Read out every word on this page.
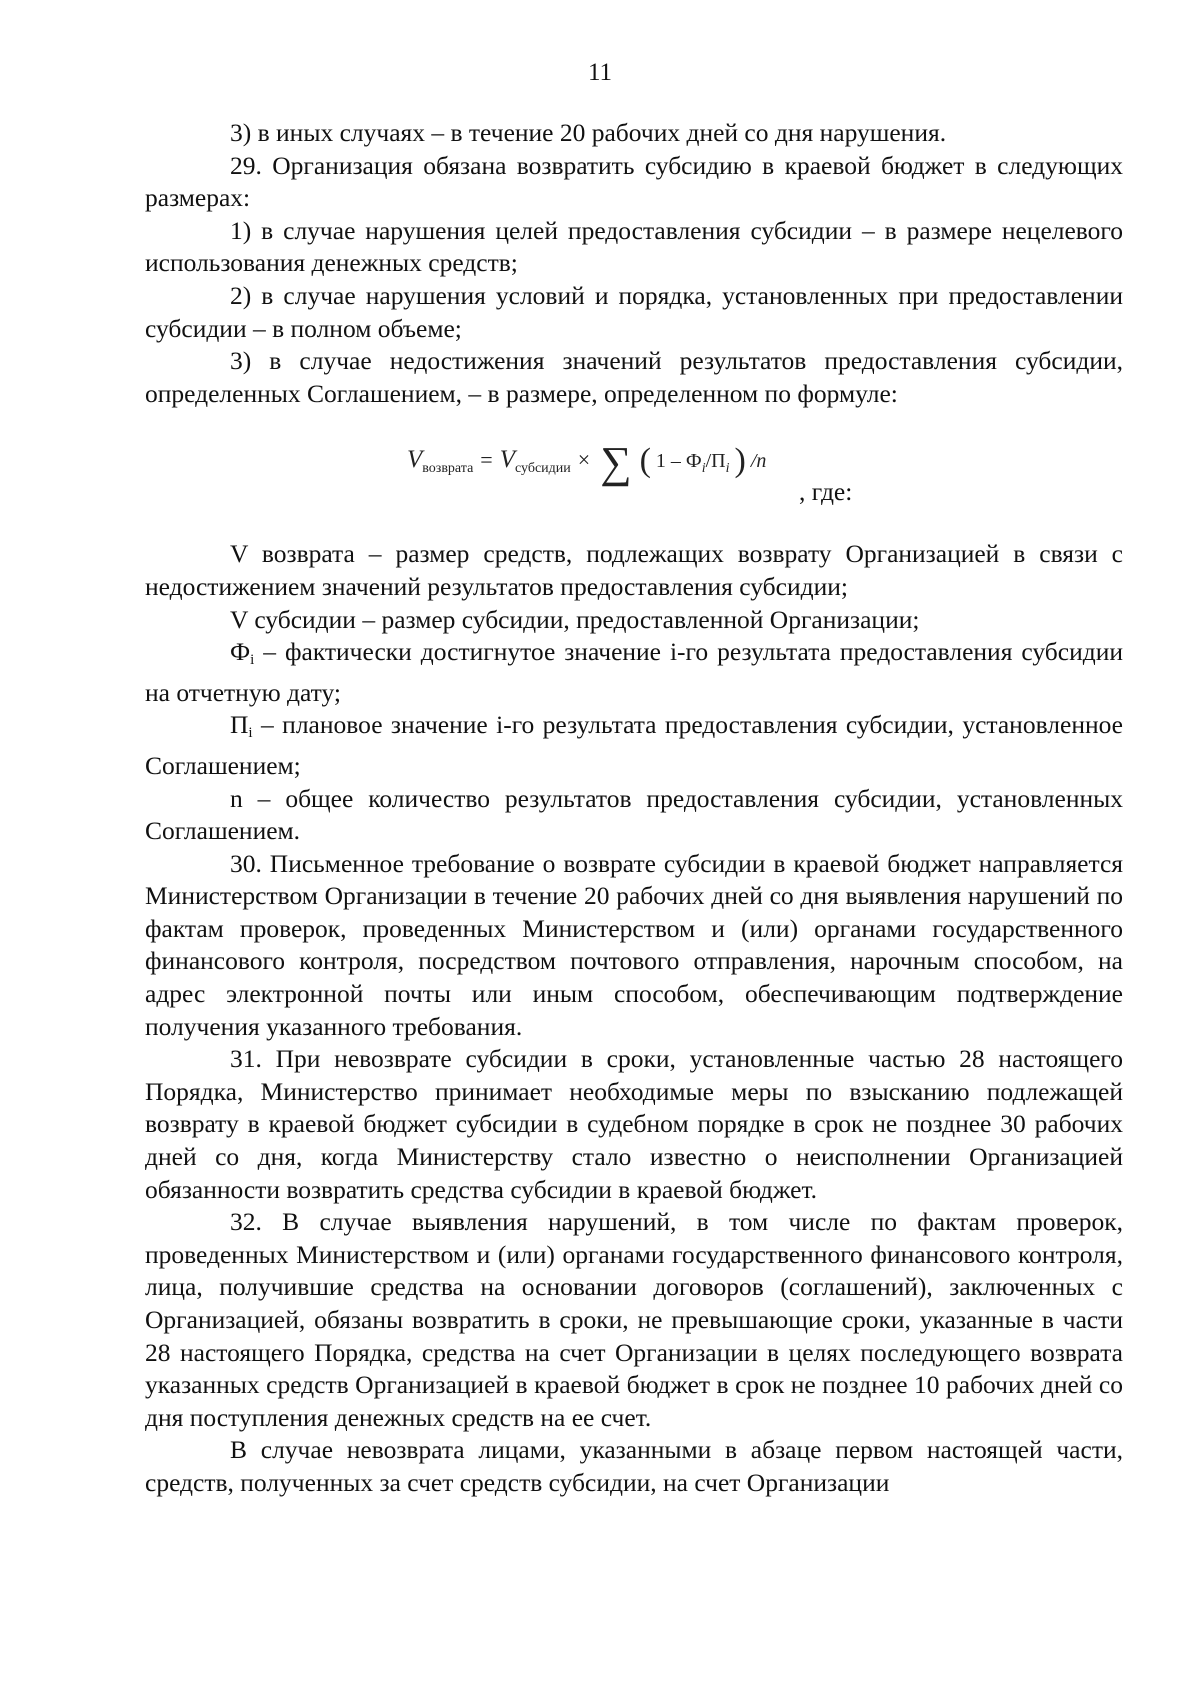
11

3) в иных случаях – в течение 20 рабочих дней со дня нарушения.

29. Организация обязана возвратить субсидию в краевой бюджет в следующих размерах:

1) в случае нарушения целей предоставления субсидии – в размере нецелевого использования денежных средств;

2) в случае нарушения условий и порядка, установленных при предоставлении субсидии – в полном объеме;

3) в случае недостижения значений результатов предоставления субсидии, определенных Соглашением, – в размере, определенном по формуле:

$V_{возврата} = V_{субсидии}$ × ∑ ( $1 - Ф_i/П_i$ ) /n
, где:

V возврата – размер средств, подлежащих возврату Организацией в связи с недостижением значений результатов предоставления субсидии;

V субсидии – размер субсидии, предоставленной Организации;

Фi – фактически достигнутое значение i-го результата предоставления субсидии на отчетную дату;

Пi – плановое значение i-го результата предоставления субсидии, установленное Соглашением;

n – общее количество результатов предоставления субсидии, установленных Соглашением.

30. Письменное требование о возврате субсидии в краевой бюджет направляется Министерством Организации в течение 20 рабочих дней со дня выявления нарушений по фактам проверок, проведенных Министерством и (или) органами государственного финансового контроля, посредством почтового отправления, нарочным способом, на адрес электронной почты или иным способом, обеспечивающим подтверждение получения указанного требования.

31. При невозврате субсидии в сроки, установленные частью 28 настоящего Порядка, Министерство принимает необходимые меры по взысканию подлежащей возврату в краевой бюджет субсидии в судебном порядке в срок не позднее 30 рабочих дней со дня, когда Министерству стало известно о неисполнении Организацией обязанности возвратить средства субсидии в краевой бюджет.

32. В случае выявления нарушений, в том числе по фактам проверок, проведенных Министерством и (или) органами государственного финансового контроля, лица, получившие средства на основании договоров (соглашений), заключенных с Организацией, обязаны возвратить в сроки, не превышающие сроки, указанные в части 28 настоящего Порядка, средства на счет Организации в целях последующего возврата указанных средств Организацией в краевой бюджет в срок не позднее 10 рабочих дней со дня поступления денежных средств на ее счет.

В случае невозврата лицами, указанными в абзаце первом настоящей части, средств, полученных за счет средств субсидии, на счет Организации
